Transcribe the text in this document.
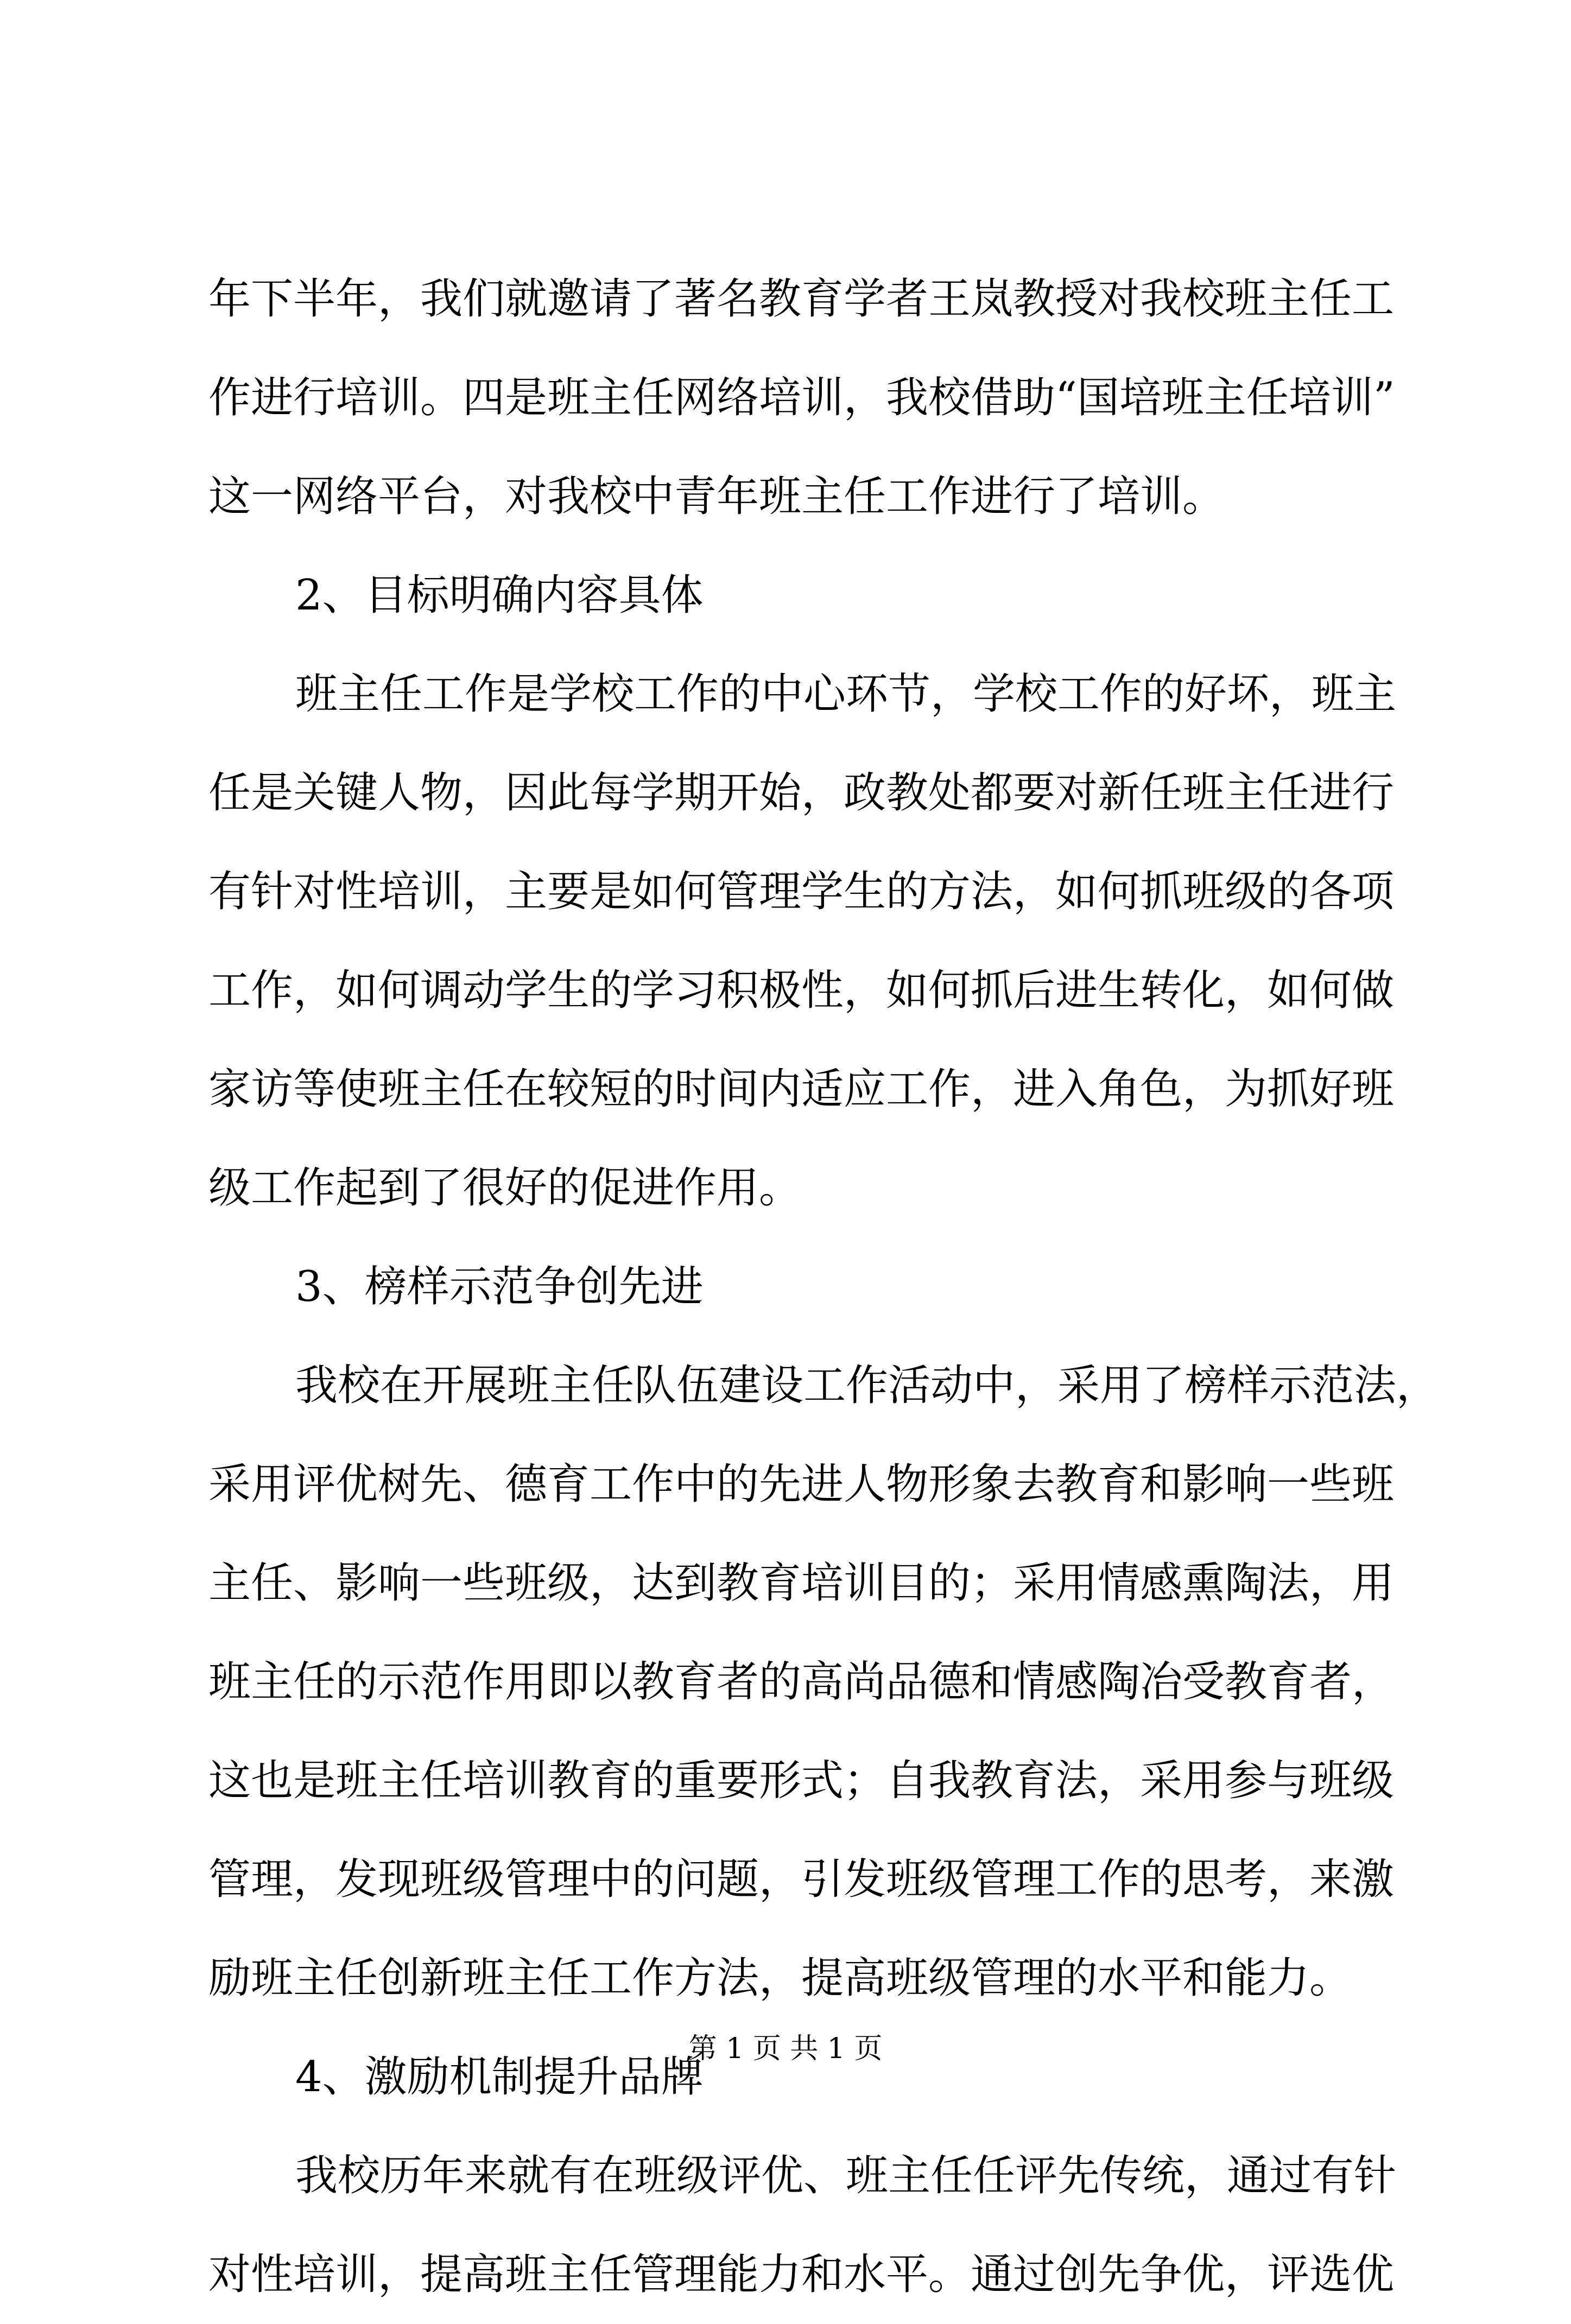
年下半年，我们就邀请了著名教育学者王岚教授对我校班主任工
作进行培训。四是班主任网络培训，我校借助“国培班主任培训”
这一网络平台，对我校中青年班主任工作进行了培训。
2、目标明确内容具体
班主任工作是学校工作的中心环节，学校工作的好坏，班主
任是关键人物，因此每学期开始，政教处都要对新任班主任进行
有针对性培训，主要是如何管理学生的方法，如何抓班级的各项
工作，如何调动学生的学习积极性，如何抓后进生转化，如何做
家访等使班主任在较短的时间内适应工作，进入角色，为抓好班
级工作起到了很好的促进作用。
3、榜样示范争创先进
我校在开展班主任队伍建设工作活动中，采用了榜样示范法，
采用评优树先、德育工作中的先进人物形象去教育和影响一些班
主任、影响一些班级，达到教育培训目的；采用情感熏陶法，用
班主任的示范作用即以教育者的高尚品德和情感陶冶受教育者，
这也是班主任培训教育的重要形式；自我教育法，采用参与班级
管理，发现班级管理中的问题，引发班级管理工作的思考，来激
励班主任创新班主任工作方法，提高班级管理的水平和能力。
4、激励机制提升品牌
我校历年来就有在班级评优、班主任任评先传统，通过有针
对性培训，提高班主任管理能力和水平。通过创先争优，评选优
第 1 页 共 1 页
